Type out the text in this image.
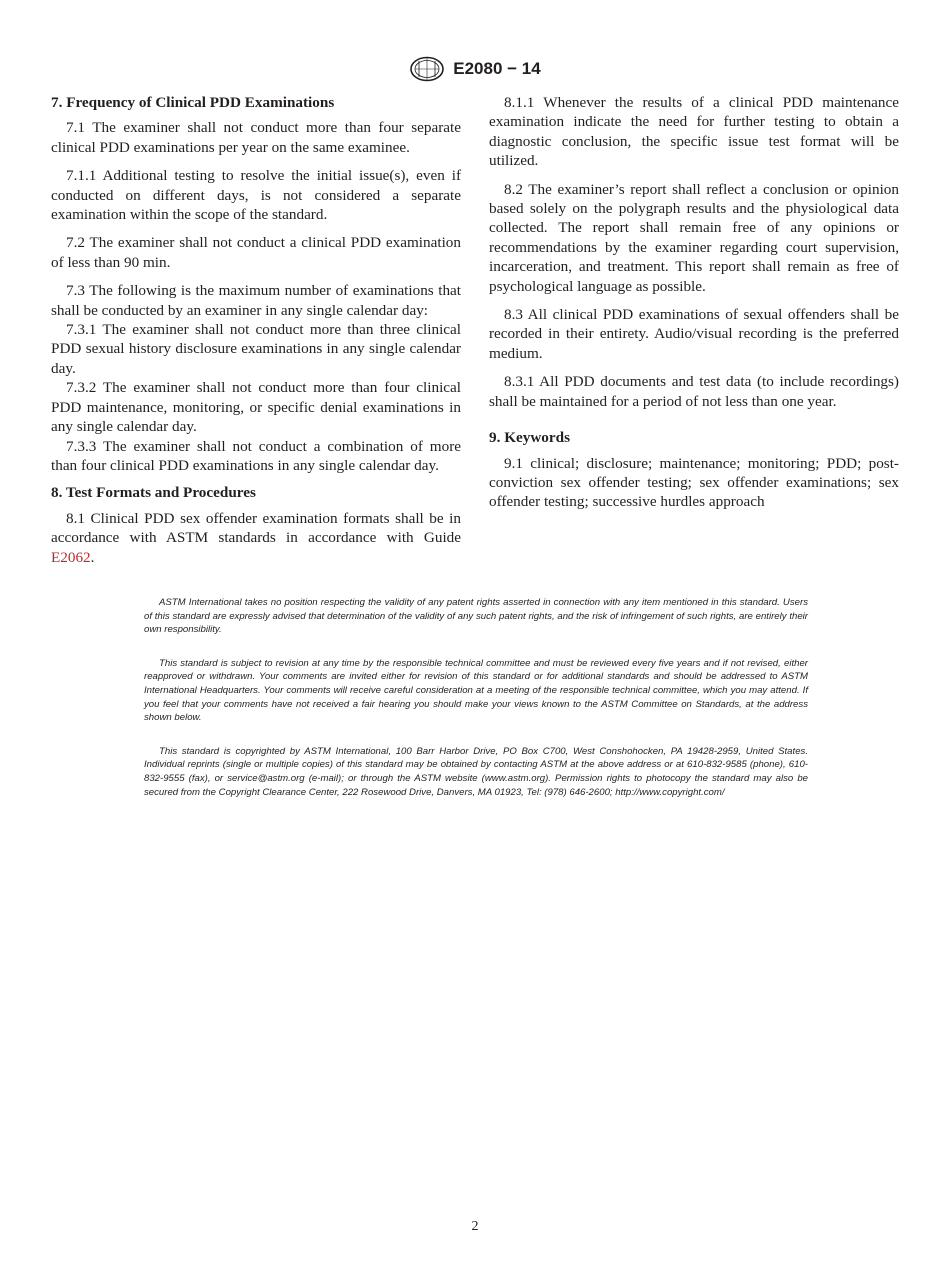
E2080 − 14
7. Frequency of Clinical PDD Examinations

7.1 The examiner shall not conduct more than four separate clinical PDD examinations per year on the same examinee.

7.1.1 Additional testing to resolve the initial issue(s), even if conducted on different days, is not considered a separate examination within the scope of the standard.

7.2 The examiner shall not conduct a clinical PDD examination of less than 90 min.

7.3 The following is the maximum number of examinations that shall be conducted by an examiner in any single calendar day:

7.3.1 The examiner shall not conduct more than three clinical PDD sexual history disclosure examinations in any single calendar day.

7.3.2 The examiner shall not conduct more than four clinical PDD maintenance, monitoring, or specific denial examinations in any single calendar day.

7.3.3 The examiner shall not conduct a combination of more than four clinical PDD examinations in any single calendar day.

8. Test Formats and Procedures

8.1 Clinical PDD sex offender examination formats shall be in accordance with ASTM standards in accordance with Guide E2062.

8.1.1 Whenever the results of a clinical PDD maintenance examination indicate the need for further testing to obtain a diagnostic conclusion, the specific issue test format will be utilized.

8.2 The examiner’s report shall reflect a conclusion or opinion based solely on the polygraph results and the physiological data collected. The report shall remain free of any opinions or recommendations by the examiner regarding court supervision, incarceration, and treatment. This report shall remain as free of psychological language as possible.

8.3 All clinical PDD examinations of sexual offenders shall be recorded in their entirety. Audio/visual recording is the preferred medium.

8.3.1 All PDD documents and test data (to include recordings) shall be maintained for a period of not less than one year.

9. Keywords

9.1 clinical; disclosure; maintenance; monitoring; PDD; post-conviction sex offender testing; sex offender examinations; sex offender testing; successive hurdles approach

ASTM International takes no position respecting the validity of any patent rights asserted in connection with any item mentioned in this standard. Users of this standard are expressly advised that determination of the validity of any such patent rights, and the risk of infringement of such rights, are entirely their own responsibility.

This standard is subject to revision at any time by the responsible technical committee and must be reviewed every five years and if not revised, either reapproved or withdrawn. Your comments are invited either for revision of this standard or for additional standards and should be addressed to ASTM International Headquarters. Your comments will receive careful consideration at a meeting of the responsible technical committee, which you may attend. If you feel that your comments have not received a fair hearing you should make your views known to the ASTM Committee on Standards, at the address shown below.

This standard is copyrighted by ASTM International, 100 Barr Harbor Drive, PO Box C700, West Conshohocken, PA 19428-2959, United States. Individual reprints (single or multiple copies) of this standard may be obtained by contacting ASTM at the above address or at 610-832-9585 (phone), 610-832-9555 (fax), or service@astm.org (e-mail); or through the ASTM website (www.astm.org). Permission rights to photocopy the standard may also be secured from the Copyright Clearance Center, 222 Rosewood Drive, Danvers, MA 01923, Tel: (978) 646-2600; http://www.copyright.com/

2
